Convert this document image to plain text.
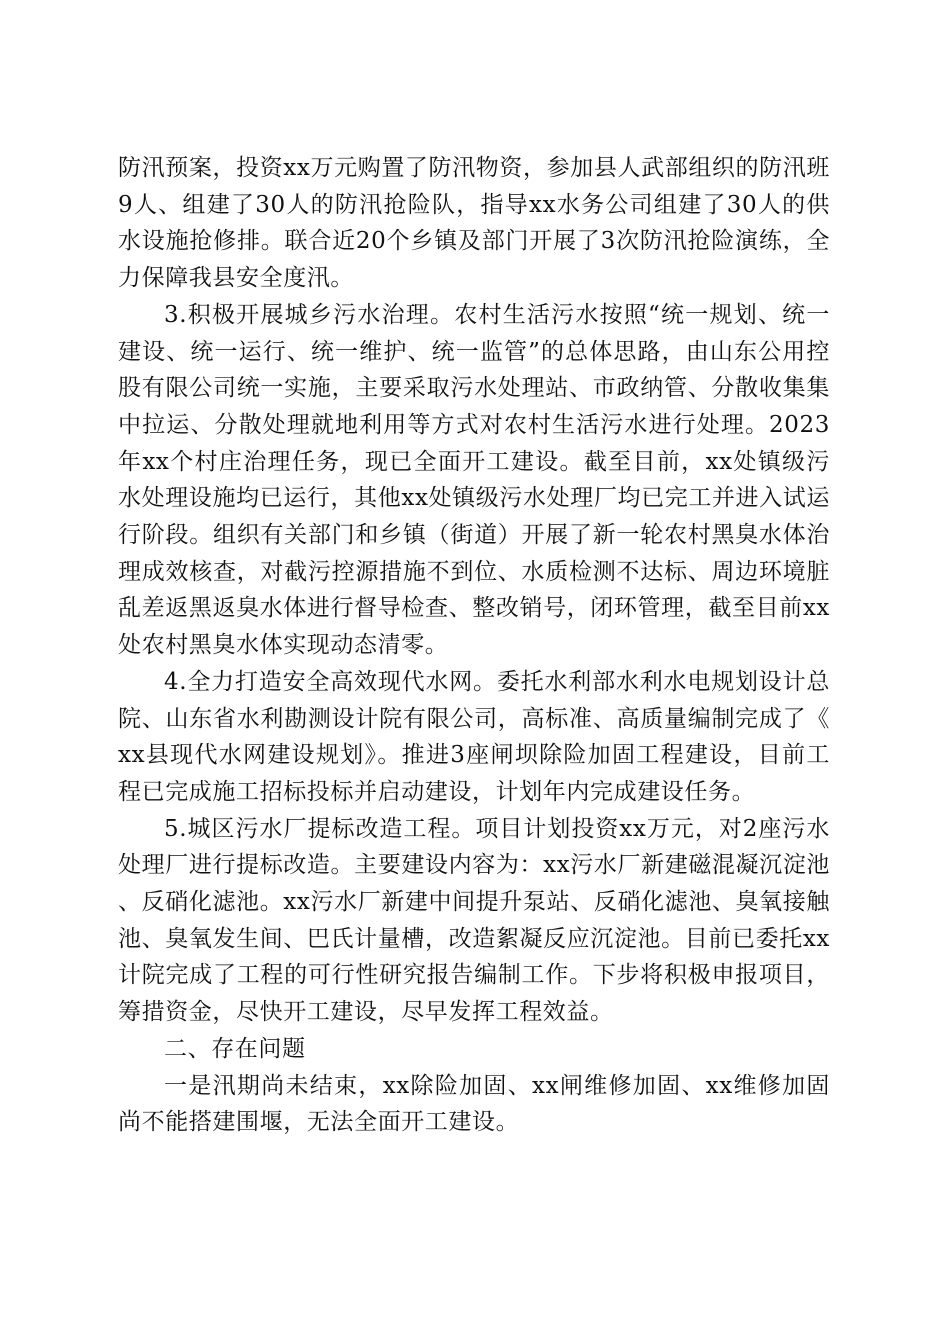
防汛预案，投资xx万元购置了防汛物资，参加县人武部组织的防汛班9人、组建了30人的防汛抢险队，指导xx水务公司组建了30人的供水设施抢修排。联合近20个乡镇及部门开展了3次防汛抢险演练，全力保障我县安全度汛。

3.积极开展城乡污水治理。农村生活污水按照“统一规划、统一建设、统一运行、统一维护、统一监管”的总体思路，由山东公用控股有限公司统一实施，主要采取污水处理站、市政纳管、分散收集集中拉运、分散处理就地利用等方式对农村生活污水进行处理。2023年xx个村庄治理任务，现已全面开工建设。截至目前，xx处镇级污水处理设施均已运行，其他xx处镇级污水处理厂均已完工并进入试运行阶段。组织有关部门和乡镇（街道）开展了新一轮农村黑臭水体治理成效核查，对截污控源措施不到位、水质检测不达标、周边环境脏乱差返黑返臭水体进行督导检查、整改销号，闭环管理，截至目前xx处农村黑臭水体实现动态清零。

4.全力打造安全高效现代水网。委托水利部水利水电规划设计总院、山东省水利勘测设计院有限公司，高标准、高质量编制完成了《xx县现代水网建设规划》。推进3座闸坝除险加固工程建设，目前工程已完成施工招标投标并启动建设，计划年内完成建设任务。

5.城区污水厂提标改造工程。项目计划投资xx万元，对2座污水处理厂进行提标改造。主要建设内容为：xx污水厂新建磁混凝沉淀池、反硝化滤池。xx污水厂新建中间提升泵站、反硝化滤池、臭氧接触池、臭氧发生间、巴氏计量槽，改造絮凝反应沉淀池。目前已委托xx计院完成了工程的可行性研究报告编制工作。下步将积极申报项目，筹措资金，尽快开工建设，尽早发挥工程效益。

二、存在问题

一是汛期尚未结束，xx除险加固、xx闸维修加固、xx维修加固尚不能搭建围堰，无法全面开工建设。
